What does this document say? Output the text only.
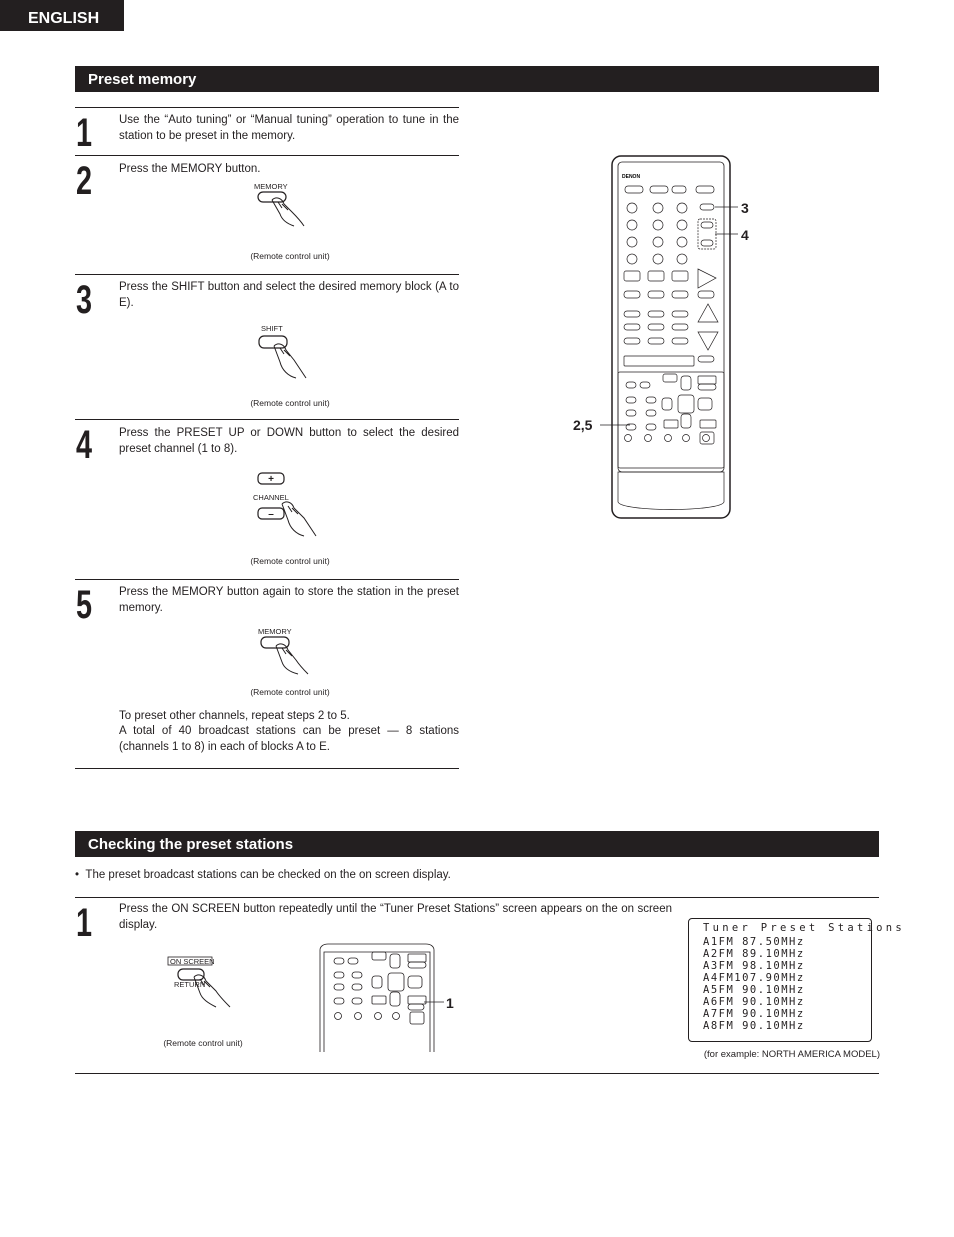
ENGLISH
Preset memory
1 Use the “Auto tuning” or “Manual tuning” operation to tune in the station to be preset in the memory.
2 Press the MEMORY button.
MEMORY
(Remote control unit)
3 Press the SHIFT button and select the desired memory block (A to E).
SHIFT
(Remote control unit)
4 Press the PRESET UP or DOWN button to select the desired preset channel (1 to 8).
+
CHANNEL
–
(Remote control unit)
5 Press the MEMORY button again to store the station in the preset memory.
MEMORY
(Remote control unit)
To preset other channels, repeat steps 2 to 5.
A total of 40 broadcast stations can be preset — 8 stations (channels 1 to 8) in each of blocks A to E.
DENON
3
4
2,5
Checking the preset stations
•  The preset broadcast stations can be checked on the on screen display.
1 Press the ON SCREEN button repeatedly until the “Tuner Preset Stations” screen appears on the on screen display.
ON SCREEN
RETURN
(Remote control unit)
1
Tuner Preset Stations
A1FM 87.50MHz
A2FM 89.10MHz
A3FM 98.10MHz
A4FM107.90MHz
A5FM 90.10MHz
A6FM 90.10MHz
A7FM 90.10MHz
A8FM 90.10MHz
(for example: NORTH AMERICA MODEL)
